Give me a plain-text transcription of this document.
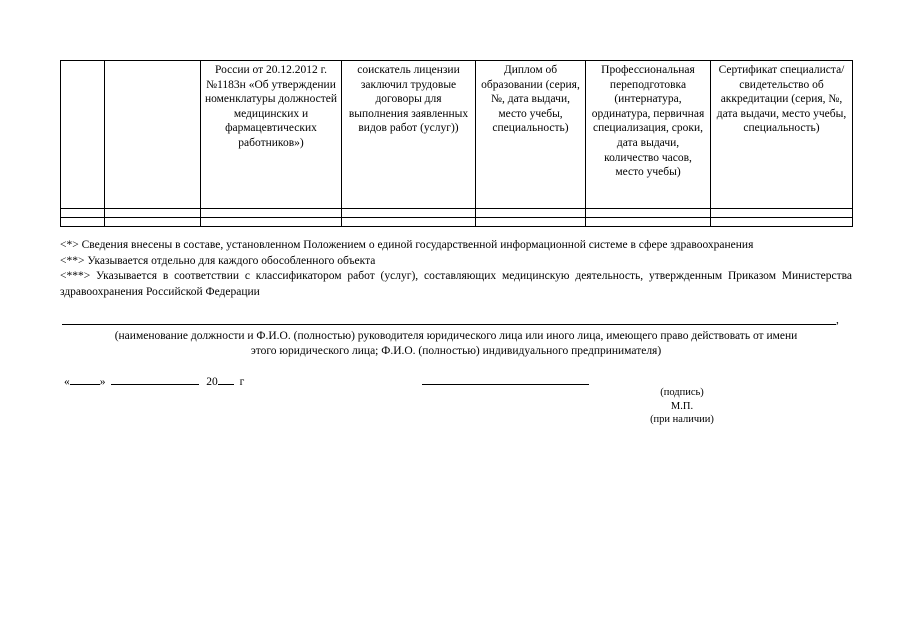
		России от 20.12.2012 г. №1183н «Об утверждении номенклатуры должностей медицинских и фармацевтических работников»)	соискатель лицензии заключил трудовые договоры для выполнения заявленных видов работ (услуг))	Диплом об образовании (серия, №, дата выдачи, место учебы, специальность)	Профессиональная переподготовка (интернатура, ординатура, первичная специализация, сроки, дата выдачи, количество часов, место учебы)	Сертификат специалиста/ свидетельство об аккредитации (серия, №, дата выдачи, место учебы, специальность)

<*> Сведения внесены в составе, установленном Положением о единой государственной информационной системе в сфере здравоохранения
<**> Указывается отдельно для каждого обособленного объекта
<***> Указывается в соответствии с классификатором работ (услуг), составляющих медицинскую деятельность, утвержденным Приказом Министерства здравоохранения Российской Федерации
,
(наименование должности и Ф.И.О. (полностью) руководителя юридического лица или иного лица, имеющего право действовать от имени
этого юридического лица; Ф.И.О. (полностью) индивидуального предпринимателя)
«	»	20 г
(подпись)
М.П.
(при наличии)
